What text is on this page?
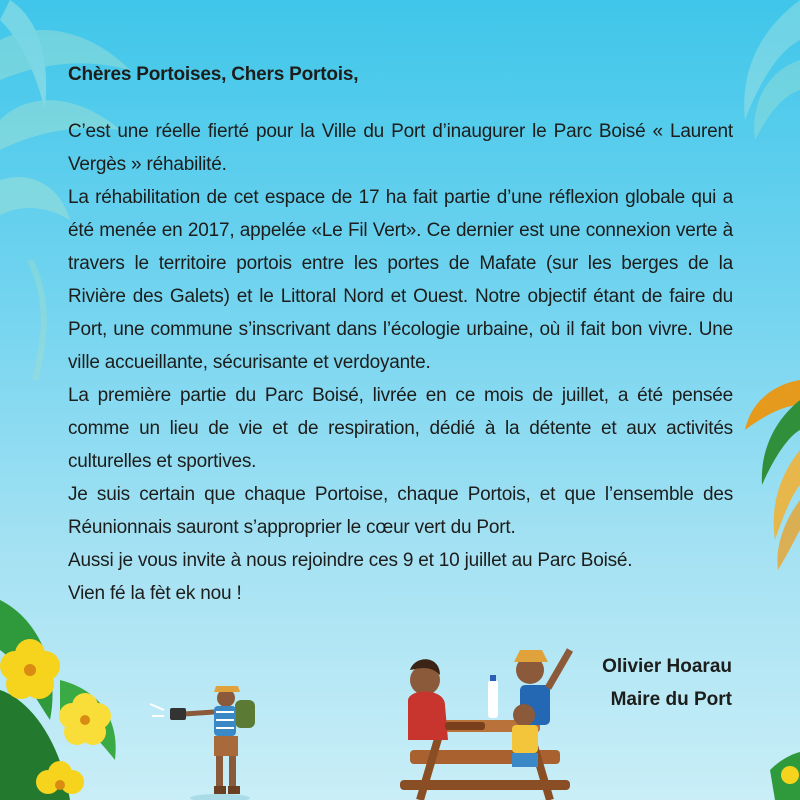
Chères Portoises, Chers Portois,

C’est une réelle fierté pour la Ville du Port d’inaugurer le Parc Boisé « Laurent Vergès » réhabilité.

La réhabilitation de cet espace de 17 ha fait partie d’une réflexion globale qui a été menée en 2017, appelée «Le Fil Vert». Ce dernier est une connexion verte à travers le territoire portois entre les portes de Mafate (sur les berges de la Rivière des Galets) et le Littoral Nord et Ouest. Notre objectif étant de faire du Port, une commune s’inscrivant dans l’écologie urbaine, où il fait bon vivre. Une ville accueillante, sécurisante et verdoyante.

La première partie du Parc Boisé, livrée en ce mois de juillet, a été pensée comme un lieu de vie et de respiration, dédié à la détente et aux activités culturelles et sportives.

Je suis certain que chaque Portoise, chaque Portois, et que l’ensemble des Réunionnais sauront s’approprier le cœur vert du Port.

Aussi je vous invite à nous rejoindre ces 9 et 10 juillet au Parc Boisé.

Vien fé la fèt ek nou !

Olivier Hoarau
Maire du Port
